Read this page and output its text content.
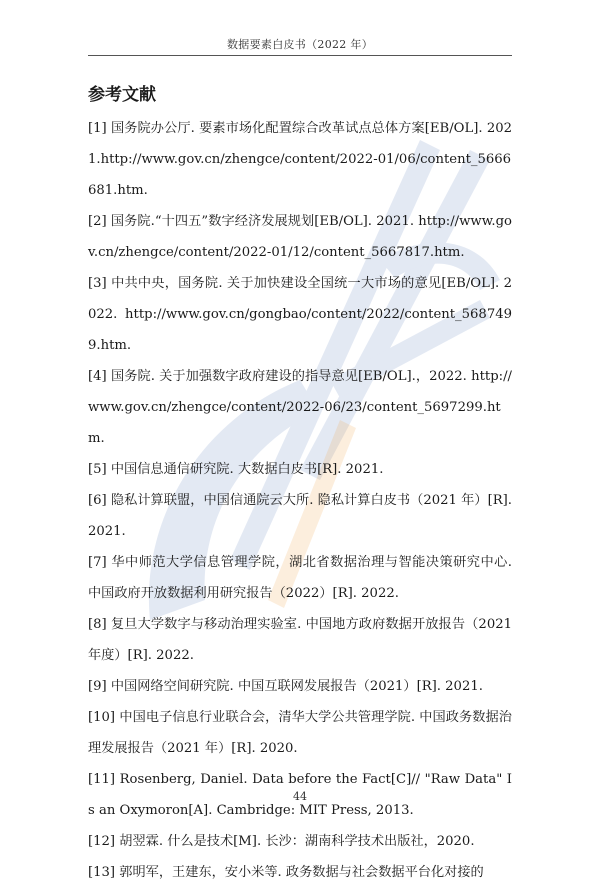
数据要素白皮书（2022 年）
参考文献
[1] 国务院办公厅. 要素市场化配置综合改革试点总体方案[EB/OL]. 2021.http://www.gov.cn/zhengce/content/2022-01/06/content_5666681.htm.
[2] 国务院.“十四五”数字经济发展规划[EB/OL]. 2021. http://www.gov.cn/zhengce/content/2022-01/12/content_5667817.htm.
[3] 中共中央，国务院. 关于加快建设全国统一大市场的意见[EB/OL]. 2022. http://www.gov.cn/gongbao/content/2022/content_5687499.htm.
[4] 国务院. 关于加强数字政府建设的指导意见[EB/OL].，2022. http://www.gov.cn/zhengce/content/2022-06/23/content_5697299.htm.
[5] 中国信息通信研究院. 大数据白皮书[R]. 2021.
[6] 隐私计算联盟，中国信通院云大所. 隐私计算白皮书（2021 年）[R]. 2021.
[7] 华中师范大学信息管理学院，湖北省数据治理与智能决策研究中心. 中国政府开放数据利用研究报告（2022）[R]. 2022.
[8] 复旦大学数字与移动治理实验室. 中国地方政府数据开放报告（2021 年度）[R]. 2022.
[9] 中国网络空间研究院. 中国互联网发展报告（2021）[R]. 2021.
[10] 中国电子信息行业联合会，清华大学公共管理学院. 中国政务数据治理发展报告（2021 年）[R]. 2020.
[11] Rosenberg, Daniel. Data before the Fact[C]// "Raw Data" Is an Oxymoron[A]. Cambridge: MIT Press, 2013.
[12] 胡翌霖. 什么是技术[M]. 长沙：湖南科学技术出版社，2020.
[13] 郭明军，王建东，安小米等. 政务数据与社会数据平台化对接的
44
